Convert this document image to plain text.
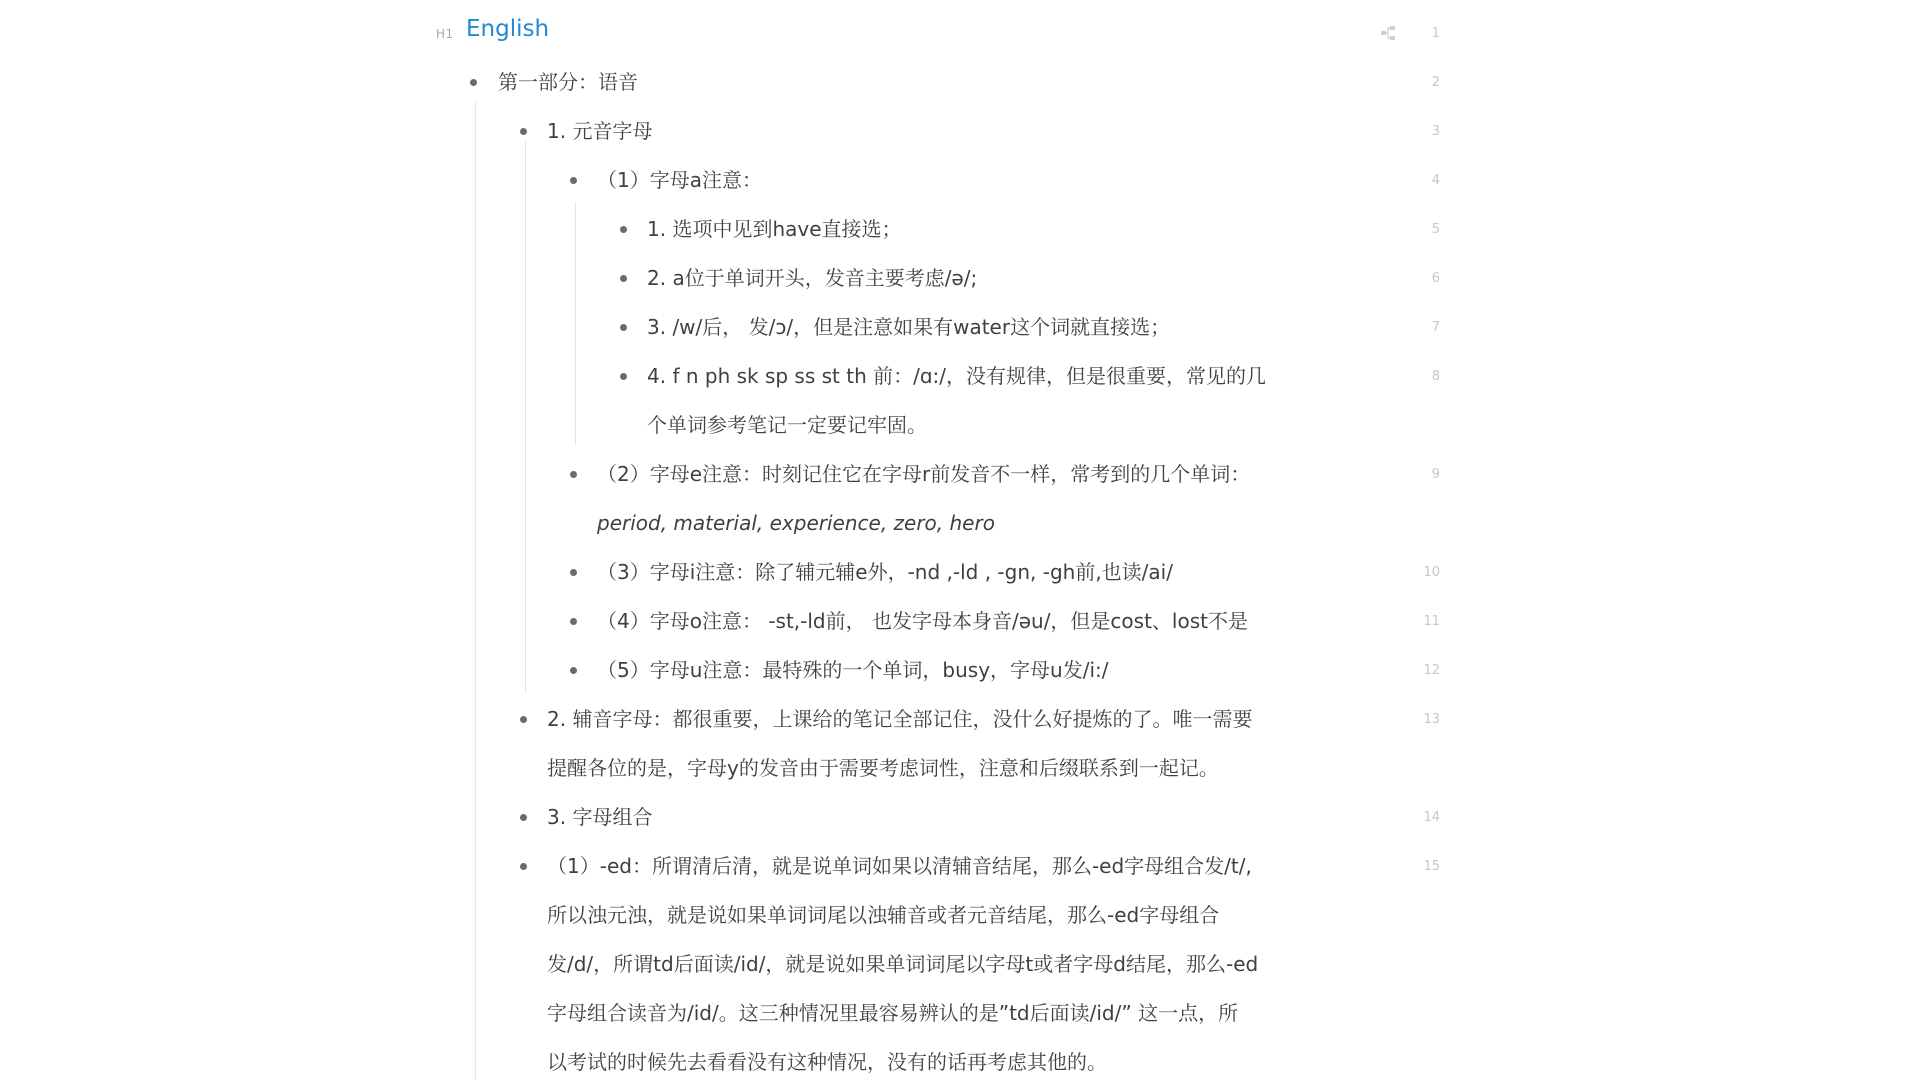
H1 English
第一部分：语音
1. 元音字母
（1）字母a注意：
1. 选项中见到have直接选；
2. a位于单词开头，发音主要考虑/ə/;
3. /w/后， 发/ɔ/，但是注意如果有water这个词就直接选；
4. f n ph sk sp ss st th 前：/ɑ:/，没有规律，但是很重要，常见的几
个单词参考笔记一定要记牢固。
（2）字母e注意：时刻记住它在字母r前发音不一样，常考到的几个单词：
period, material, experience, zero, hero
（3）字母i注意：除了辅元辅e外，-nd ,-ld , -gn, -gh前,也读/ai/
（4）字母o注意： -st,-ld前， 也发字母本身音/əu/，但是cost、lost不是
（5）字母u注意：最特殊的一个单词，busy，字母u发/i:/
2. 辅音字母：都很重要，上课给的笔记全部记住，没什么好提炼的了。唯一需要
提醒各位的是，字母y的发音由于需要考虑词性，注意和后缀联系到一起记。
3. 字母组合
（1）-ed：所谓清后清，就是说单词如果以清辅音结尾，那么-ed字母组合发/t/,
所以浊元浊，就是说如果单词词尾以浊辅音或者元音结尾，那么-ed字母组合
发/d/，所谓td后面读/id/，就是说如果单词词尾以字母t或者字母d结尾，那么-ed
字母组合读音为/id/。这三种情况里最容易辨认的是”td后面读/id/” 这一点，所
以考试的时候先去看看没有这种情况，没有的话再考虑其他的。
1
2
3
4
5
6
7
8
9
10
11
12
13
14
15
